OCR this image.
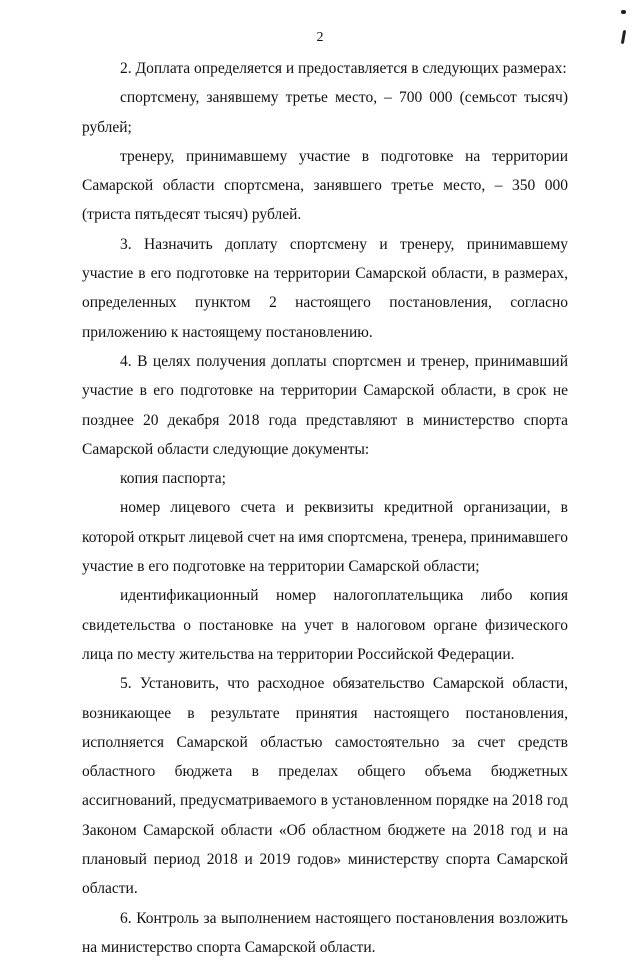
2

2. Доплата определяется и предоставляется в следующих размерах:

спортсмену, занявшему третье место, – 700 000 (семьсот тысяч) рублей;

тренеру, принимавшему участие в подготовке на территории Самарской области спортсмена, занявшего третье место, – 350 000 (триста пятьдесят тысяч) рублей.

3. Назначить доплату спортсмену и тренеру, принимавшему участие в его подготовке на территории Самарской области, в размерах, определенных пунктом 2 настоящего постановления, согласно приложению к настоящему постановлению.

4. В целях получения доплаты спортсмен и тренер, принимавший участие в его подготовке на территории Самарской области, в срок не позднее 20 декабря 2018 года представляют в министерство спорта Самарской области следующие документы:

копия паспорта;

номер лицевого счета и реквизиты кредитной организации, в которой открыт лицевой счет на имя спортсмена, тренера, принимавшего участие в его подготовке на территории Самарской области;

идентификационный номер налогоплательщика либо копия свидетельства о постановке на учет в налоговом органе физического лица по месту жительства на территории Российской Федерации.

5. Установить, что расходное обязательство Самарской области, возникающее в результате принятия настоящего постановления, исполняется Самарской областью самостоятельно за счет средств областного бюджета в пределах общего объема бюджетных ассигнований, предусматриваемого в установленном порядке на 2018 год Законом Самарской области «Об областном бюджете на 2018 год и на плановый период 2018 и 2019 годов» министерству спорта Самарской области.

6. Контроль за выполнением настоящего постановления возложить на министерство спорта Самарской области.
